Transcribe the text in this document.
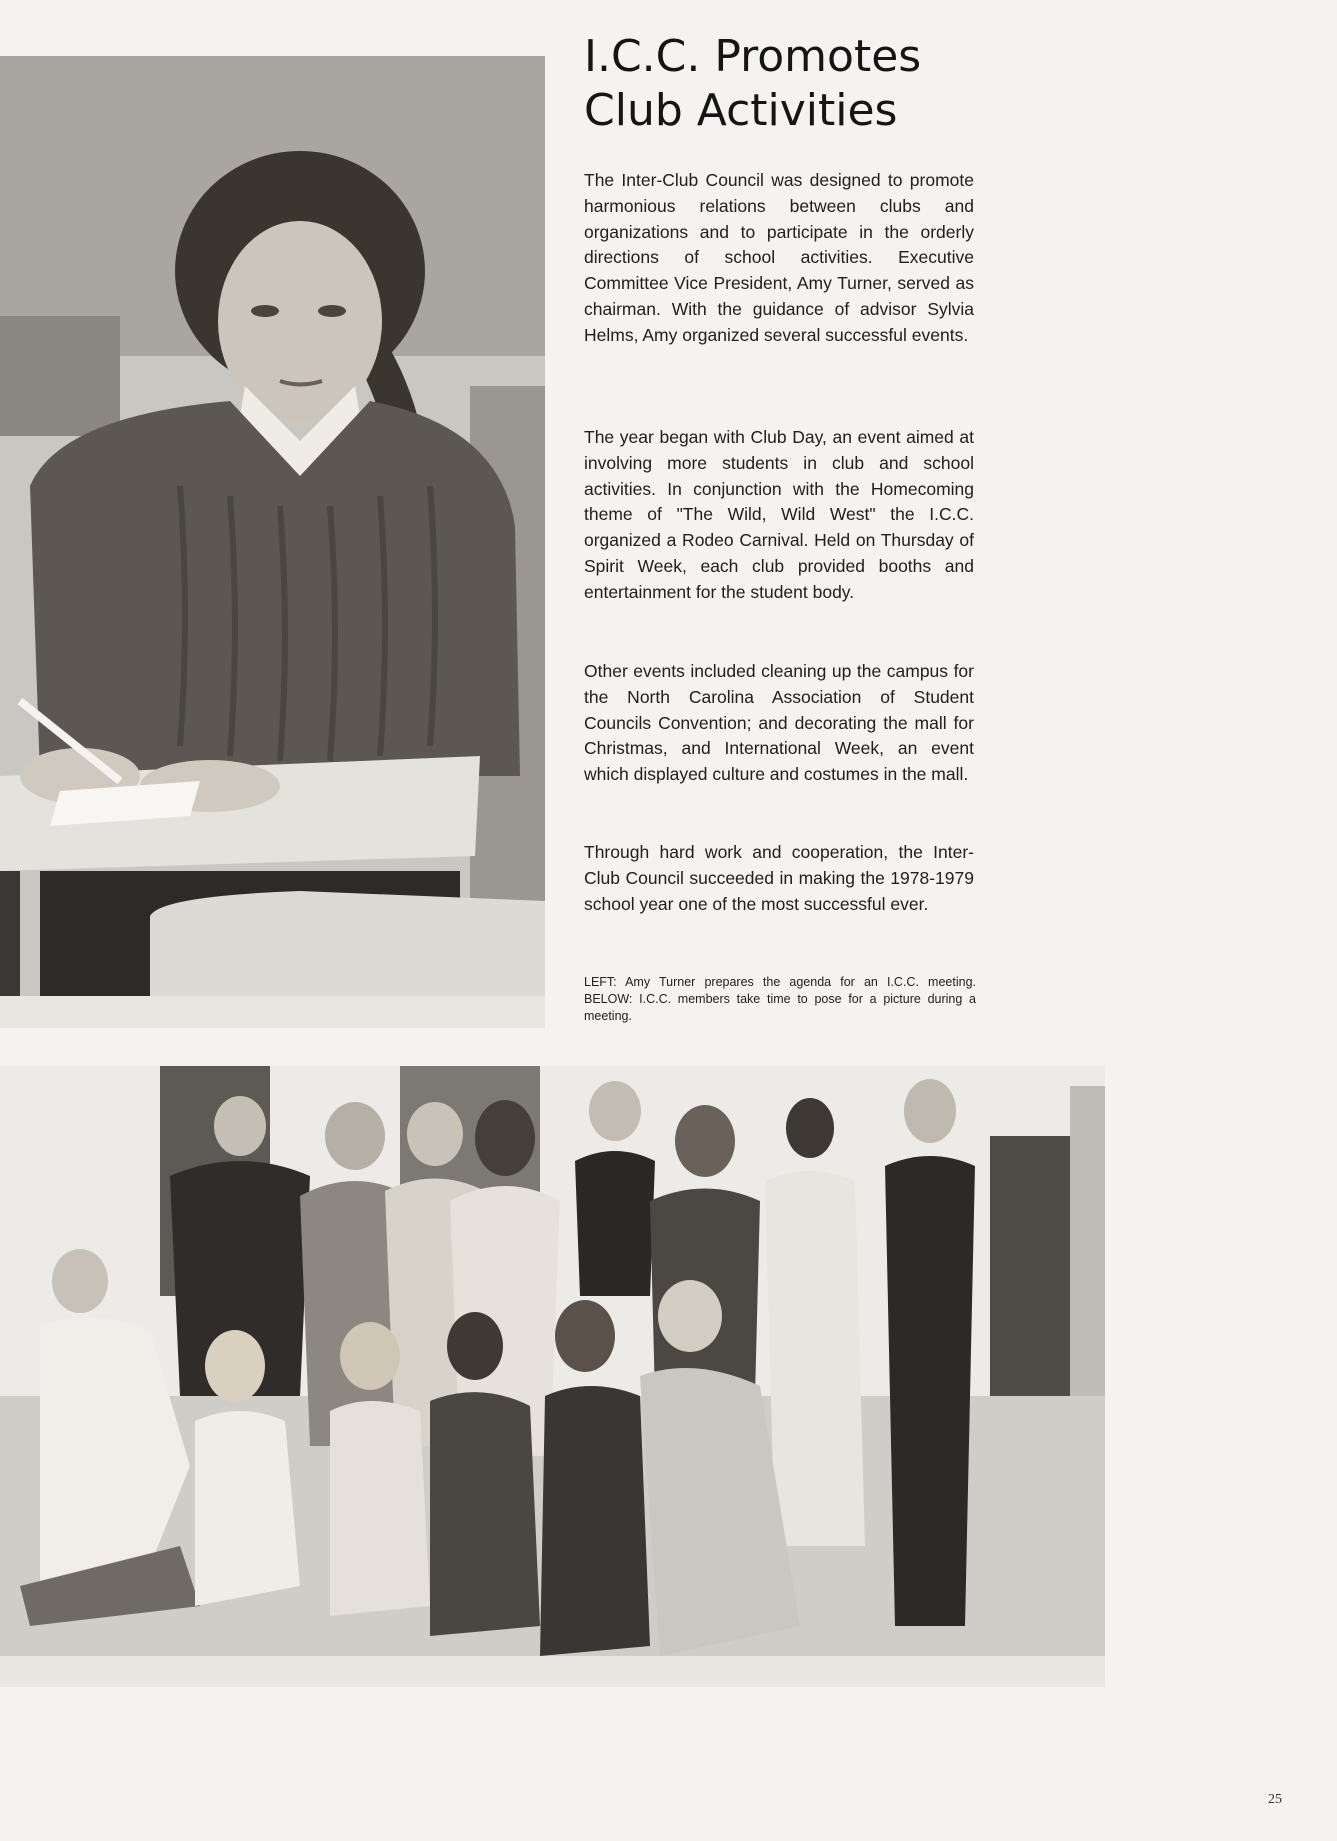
I.C.C. Promotes Club Activities

The Inter-Club Council was designed to promote harmonious relations between clubs and organizations and to participate in the orderly directions of school activities. Executive Committee Vice President, Amy Turner, served as chairman. With the guidance of advisor Sylvia Helms, Amy organized several successful events.

The year began with Club Day, an event aimed at involving more students in club and school activities. In conjunction with the Homecoming theme of "The Wild, Wild West" the I.C.C. organized a Rodeo Carnival. Held on Thursday of Spirit Week, each club provided booths and entertainment for the student body.

Other events included cleaning up the campus for the North Carolina Association of Student Councils Convention; and decorating the mall for Christmas, and International Week, an event which displayed culture and costumes in the mall.

Through hard work and cooperation, the Inter-Club Council succeeded in making the 1978-1979 school year one of the most successful ever.

LEFT: Amy Turner prepares the agenda for an I.C.C. meeting. BELOW: I.C.C. members take time to pose for a picture during a meeting.

25
